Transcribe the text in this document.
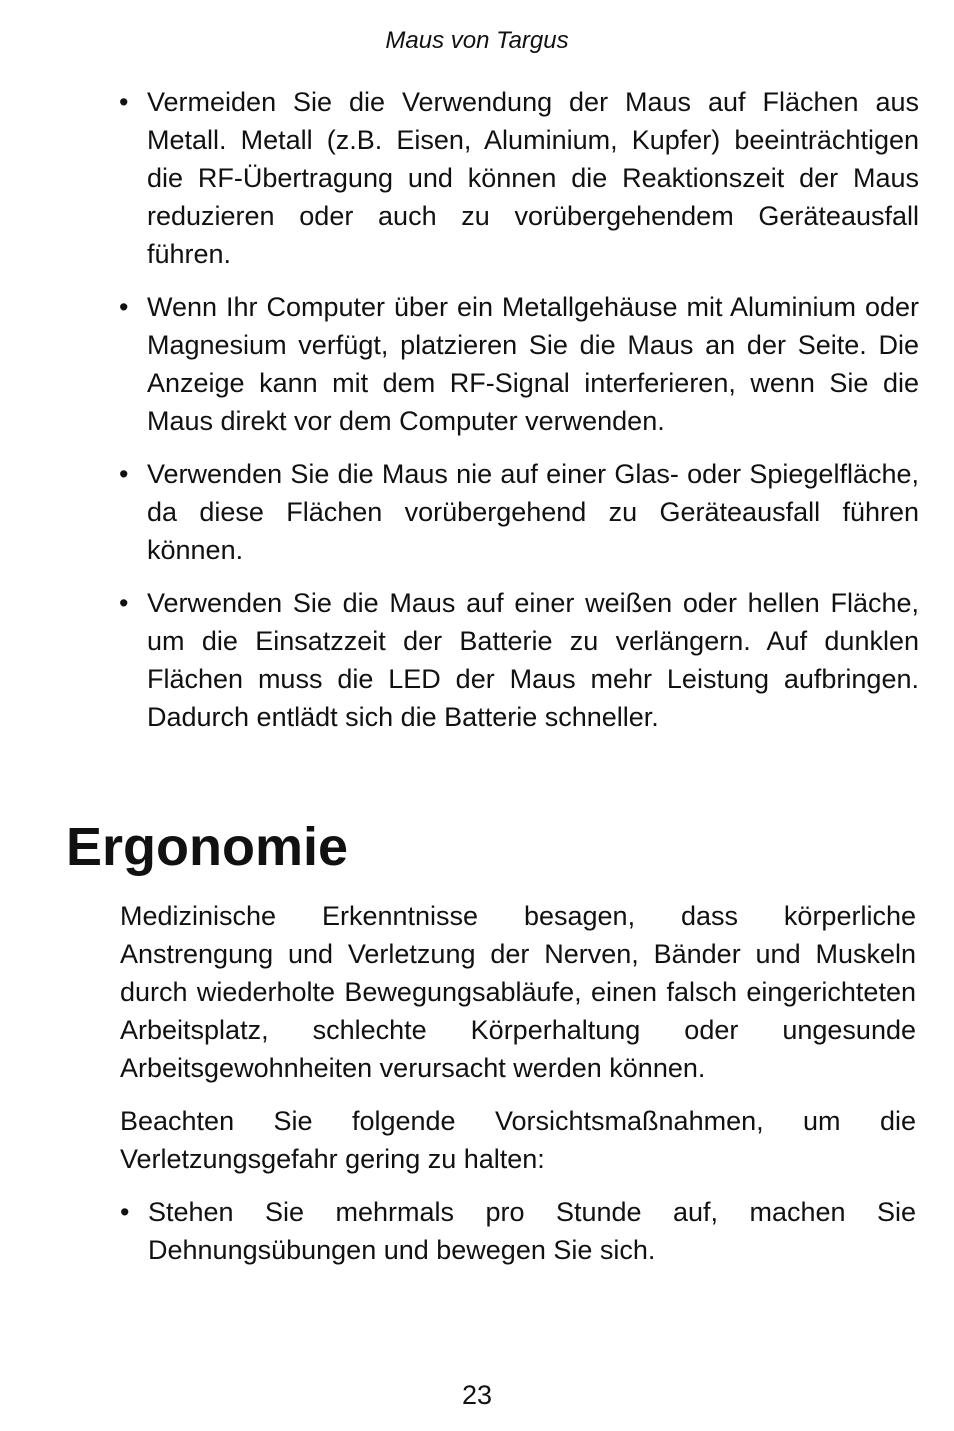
Maus von Targus
• Vermeiden Sie die Verwendung der Maus auf Flächen aus Metall. Metall (z.B. Eisen, Aluminium, Kupfer) beeinträchtigen die RF-Übertragung und können die Reaktionszeit der Maus reduzieren oder auch zu vorübergehendem Geräteausfall führen.
• Wenn Ihr Computer über ein Metallgehäuse mit Aluminium oder Magnesium verfügt, platzieren Sie die Maus an der Seite. Die Anzeige kann mit dem RF-Signal interferieren, wenn Sie die Maus direkt vor dem Computer verwenden.
• Verwenden Sie die Maus nie auf einer Glas- oder Spiegelfläche, da diese Flächen vorübergehend zu Geräteausfall führen können.
• Verwenden Sie die Maus auf einer weißen oder hellen Fläche, um die Einsatzzeit der Batterie zu verlängern. Auf dunklen Flächen muss die LED der Maus mehr Leistung aufbringen. Dadurch entlädt sich die Batterie schneller.
Ergonomie

Medizinische Erkenntnisse besagen, dass körperliche Anstrengung und Verletzung der Nerven, Bänder und Muskeln durch wiederholte Bewegungsabläufe, einen falsch eingerichteten Arbeitsplatz, schlechte Körperhaltung oder ungesunde Arbeitsgewohnheiten verursacht werden können.

Beachten Sie folgende Vorsichtsmaßnahmen, um die Verletzungsgefahr gering zu halten:

• Stehen Sie mehrmals pro Stunde auf, machen Sie Dehnungsübungen und bewegen Sie sich.
23
